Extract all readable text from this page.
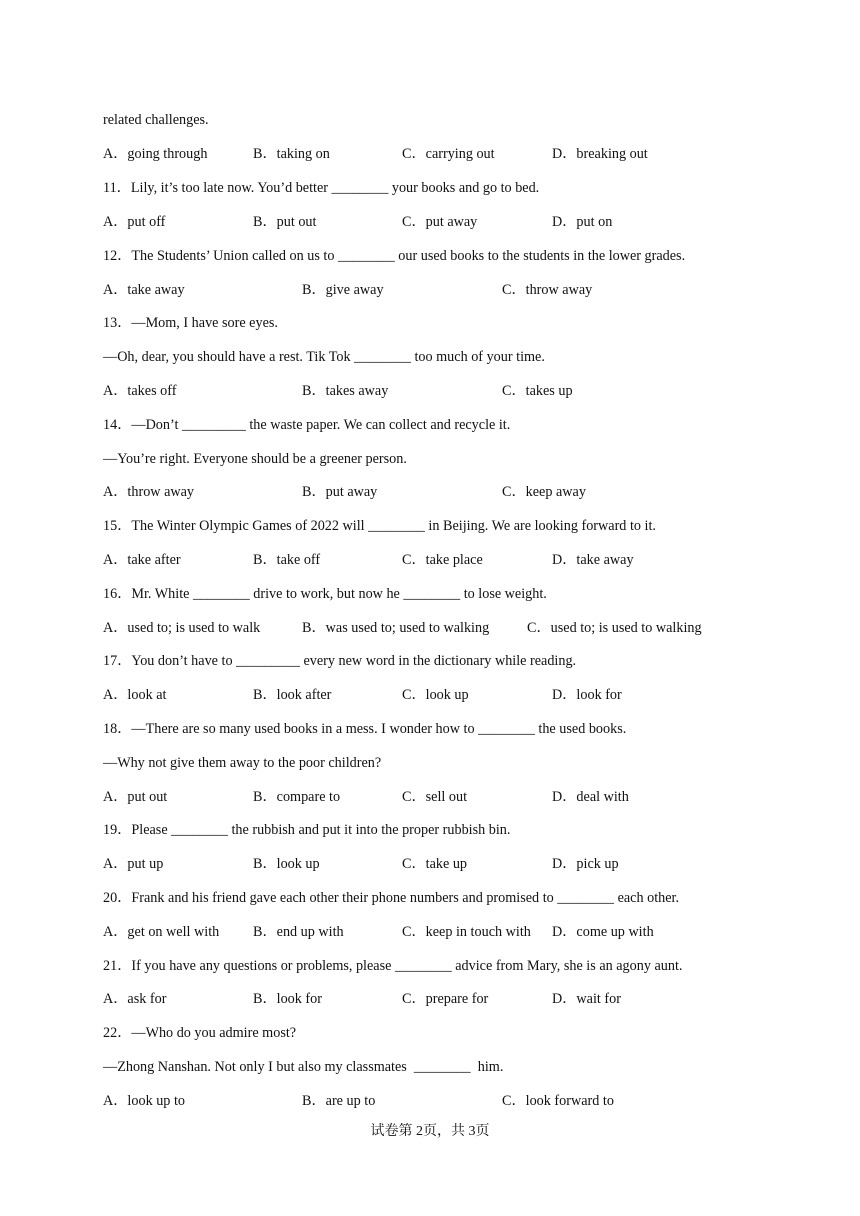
related challenges.
A．going through	B．taking on	C．carrying out	D．breaking out
11．Lily, it’s too late now. You’d better ________ your books and go to bed.
A．put off	B．put out	C．put away	D．put on
12．The Students’ Union called on us to ________ our used books to the students in the lower grades.
A．take away	B．give away	C．throw away
13．—Mom, I have sore eyes.
—Oh, dear, you should have a rest. Tik Tok ________ too much of your time.
A．takes off	B．takes away	C．takes up
14．—Don’t _________ the waste paper. We can collect and recycle it.
—You’re right. Everyone should be a greener person.
A．throw away	B．put away	C．keep away
15．The Winter Olympic Games of 2022 will ________ in Beijing. We are looking forward to it.
A．take after	B．take off	C．take place	D．take away
16．Mr. White ________ drive to work, but now he ________ to lose weight.
A．used to; is used to walk	B．was used to; used to walking	C．used to; is used to walking
17．You don’t have to _________ every new word in the dictionary while reading.
A．look at	B．look after	C．look up	D．look for
18．—There are so many used books in a mess. I wonder how to ________ the used books.
—Why not give them away to the poor children?
A．put out	B．compare to	C．sell out	D．deal with
19．Please ________ the rubbish and put it into the proper rubbish bin.
A．put up	B．look up	C．take up	D．pick up
20．Frank and his friend gave each other their phone numbers and promised to ________ each other.
A．get on well with B．end up with	C．keep in touch with D．come up with
21．If you have any questions or problems, please ________ advice from Mary, she is an agony aunt.
A．ask for	B．look for	C．prepare for	D．wait for
22．—Who do you admire most?
—Zhong Nanshan. Not only I but also my classmates  ________  him.
A．look up to	B．are up to	C．look forward to
试卷第 2页，共 3页
